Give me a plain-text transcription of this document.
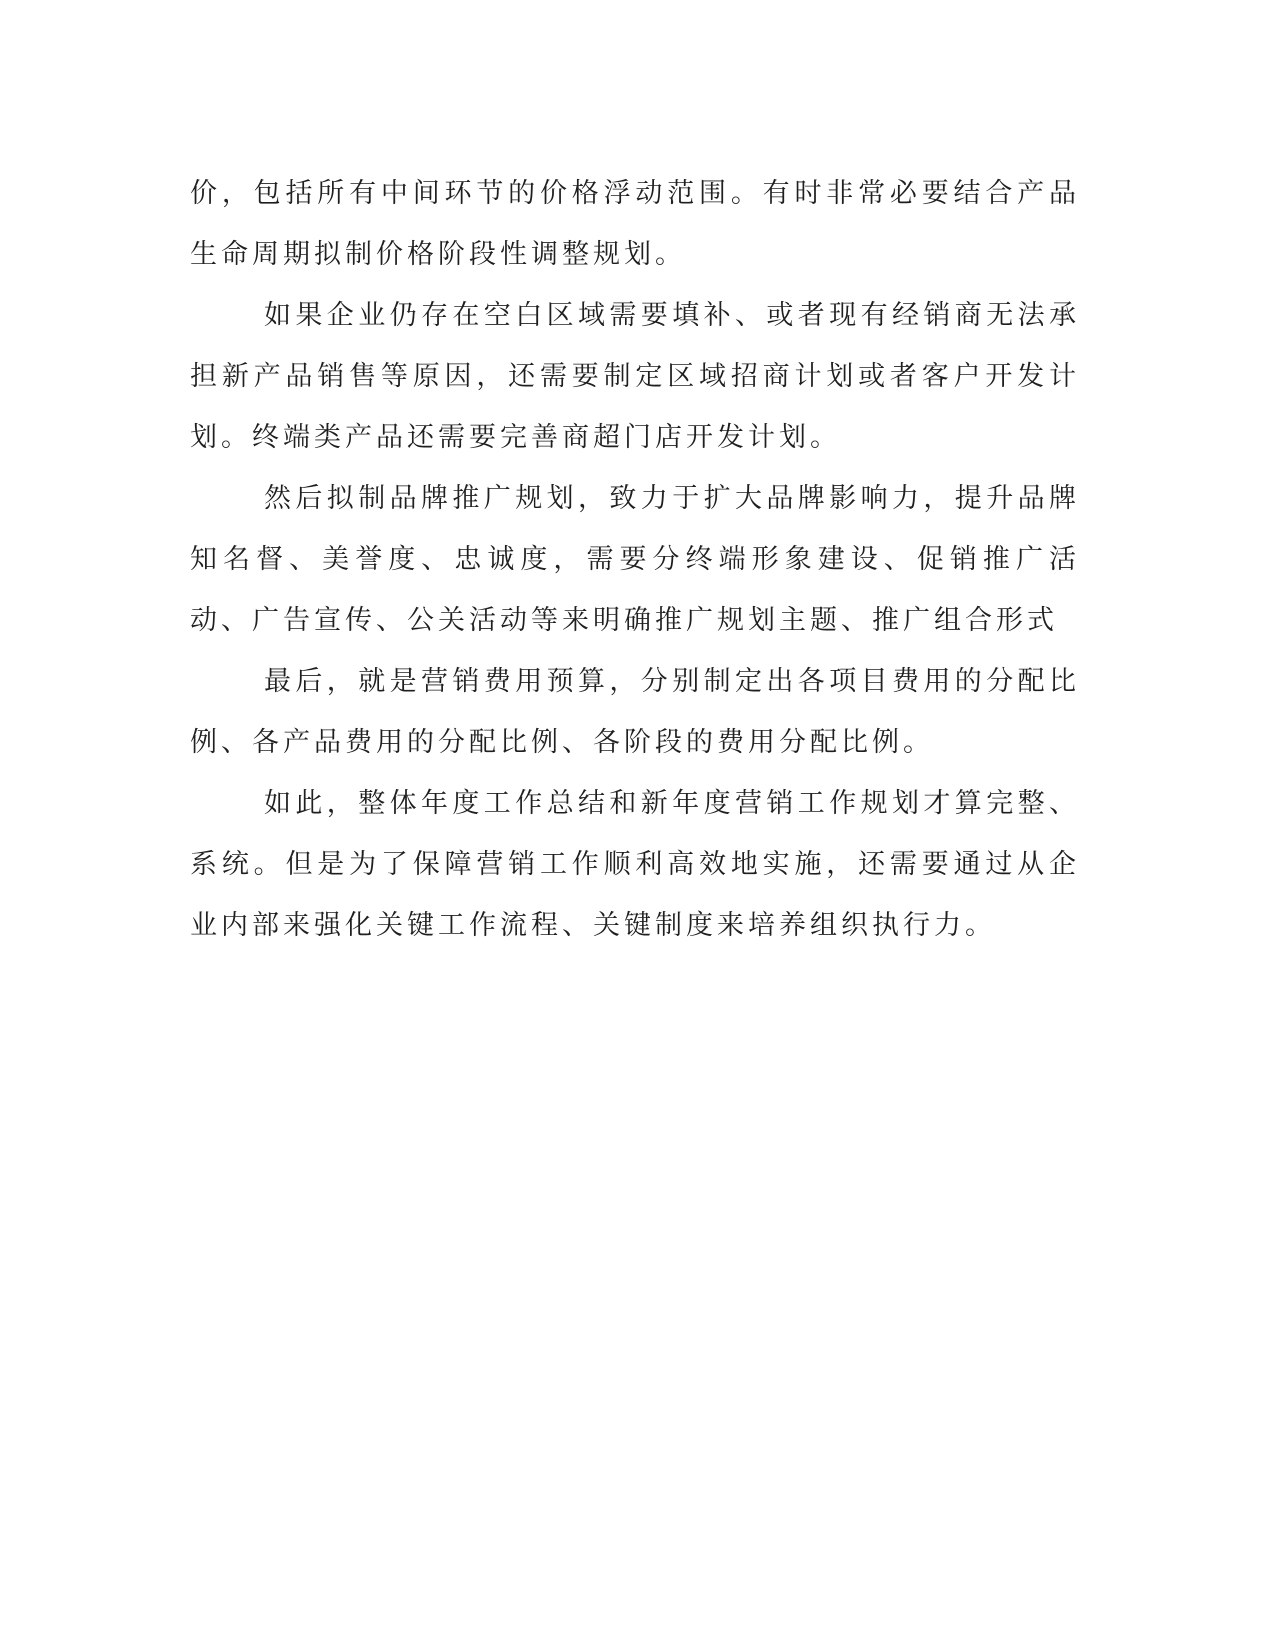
价，包括所有中间环节的价格浮动范围。有时非常必要结合产品生命周期拟制价格阶段性调整规划。

如果企业仍存在空白区域需要填补、或者现有经销商无法承担新产品销售等原因，还需要制定区域招商计划或者客户开发计划。终端类产品还需要完善商超门店开发计划。

然后拟制品牌推广规划，致力于扩大品牌影响力，提升品牌知名督、美誉度、忠诚度，需要分终端形象建设、促销推广活动、广告宣传、公关活动等来明确推广规划主题、推广组合形式

最后，就是营销费用预算，分别制定出各项目费用的分配比例、各产品费用的分配比例、各阶段的费用分配比例。

如此，整体年度工作总结和新年度营销工作规划才算完整、系统。但是为了保障营销工作顺利高效地实施，还需要通过从企业内部来强化关键工作流程、关键制度来培养组织执行力。
